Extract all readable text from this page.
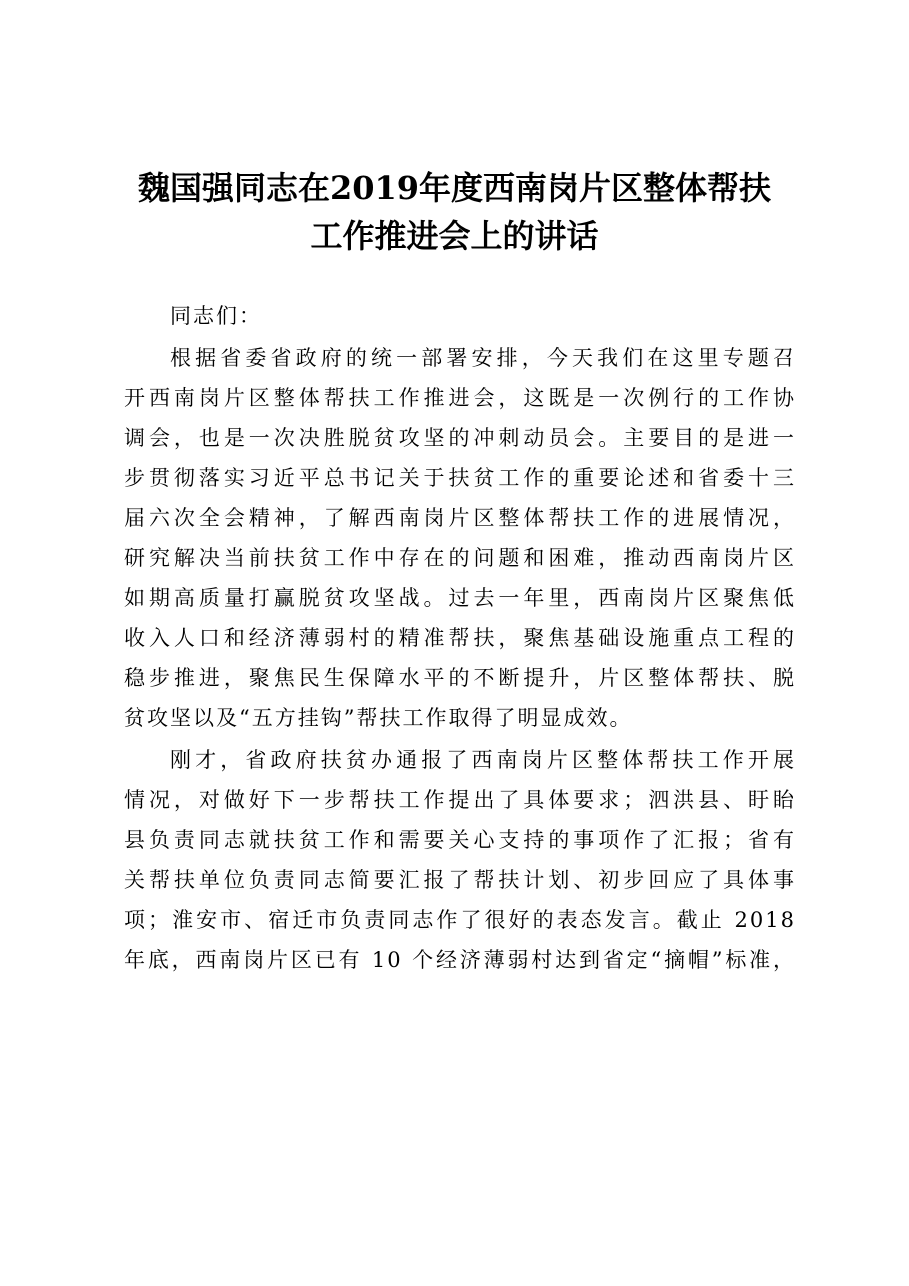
魏国强同志在2019年度西南岗片区整体帮扶
工作推进会上的讲话
同志们：
根据省委省政府的统一部署安排，今天我们在这里专题召
开西南岗片区整体帮扶工作推进会，这既是一次例行的工作协
调会，也是一次决胜脱贫攻坚的冲刺动员会。主要目的是进一
步贯彻落实习近平总书记关于扶贫工作的重要论述和省委十三
届六次全会精神，了解西南岗片区整体帮扶工作的进展情况，
研究解决当前扶贫工作中存在的问题和困难，推动西南岗片区
如期高质量打赢脱贫攻坚战。过去一年里，西南岗片区聚焦低
收入人口和经济薄弱村的精准帮扶，聚焦基础设施重点工程的
稳步推进，聚焦民生保障水平的不断提升，片区整体帮扶、脱
贫攻坚以及“五方挂钩”帮扶工作取得了明显成效。
刚才，省政府扶贫办通报了西南岗片区整体帮扶工作开展
情况，对做好下一步帮扶工作提出了具体要求；泗洪县、盱眙
县负责同志就扶贫工作和需要关心支持的事项作了汇报；省有
关帮扶单位负责同志简要汇报了帮扶计划、初步回应了具体事
项；淮安市、宿迁市负责同志作了很好的表态发言。截止 2018
年底，西南岗片区已有 10 个经济薄弱村达到省定“摘帽”标准，
